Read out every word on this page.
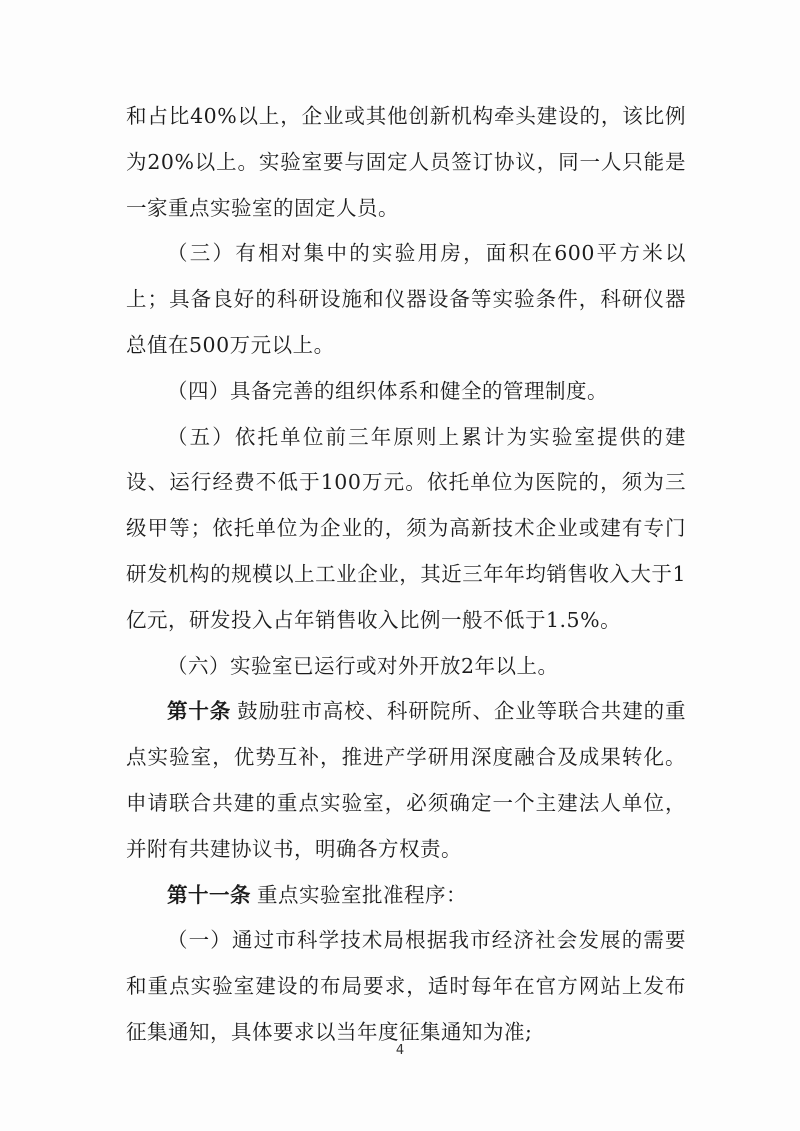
和占比40%以上，企业或其他创新机构牵头建设的，该比例为20%以上。实验室要与固定人员签订协议，同一人只能是一家重点实验室的固定人员。

（三）有相对集中的实验用房，面积在600平方米以上；具备良好的科研设施和仪器设备等实验条件，科研仪器总值在500万元以上。

（四）具备完善的组织体系和健全的管理制度。

（五）依托单位前三年原则上累计为实验室提供的建设、运行经费不低于100万元。依托单位为医院的，须为三级甲等；依托单位为企业的，须为高新技术企业或建有专门研发机构的规模以上工业企业，其近三年年均销售收入大于1亿元，研发投入占年销售收入比例一般不低于1.5%。

（六）实验室已运行或对外开放2年以上。

第十条 鼓励驻市高校、科研院所、企业等联合共建的重点实验室，优势互补，推进产学研用深度融合及成果转化。申请联合共建的重点实验室，必须确定一个主建法人单位，并附有共建协议书，明确各方权责。

第十一条 重点实验室批准程序：

（一）通过市科学技术局根据我市经济社会发展的需要和重点实验室建设的布局要求，适时每年在官方网站上发布征集通知，具体要求以当年度征集通知为准;

4
